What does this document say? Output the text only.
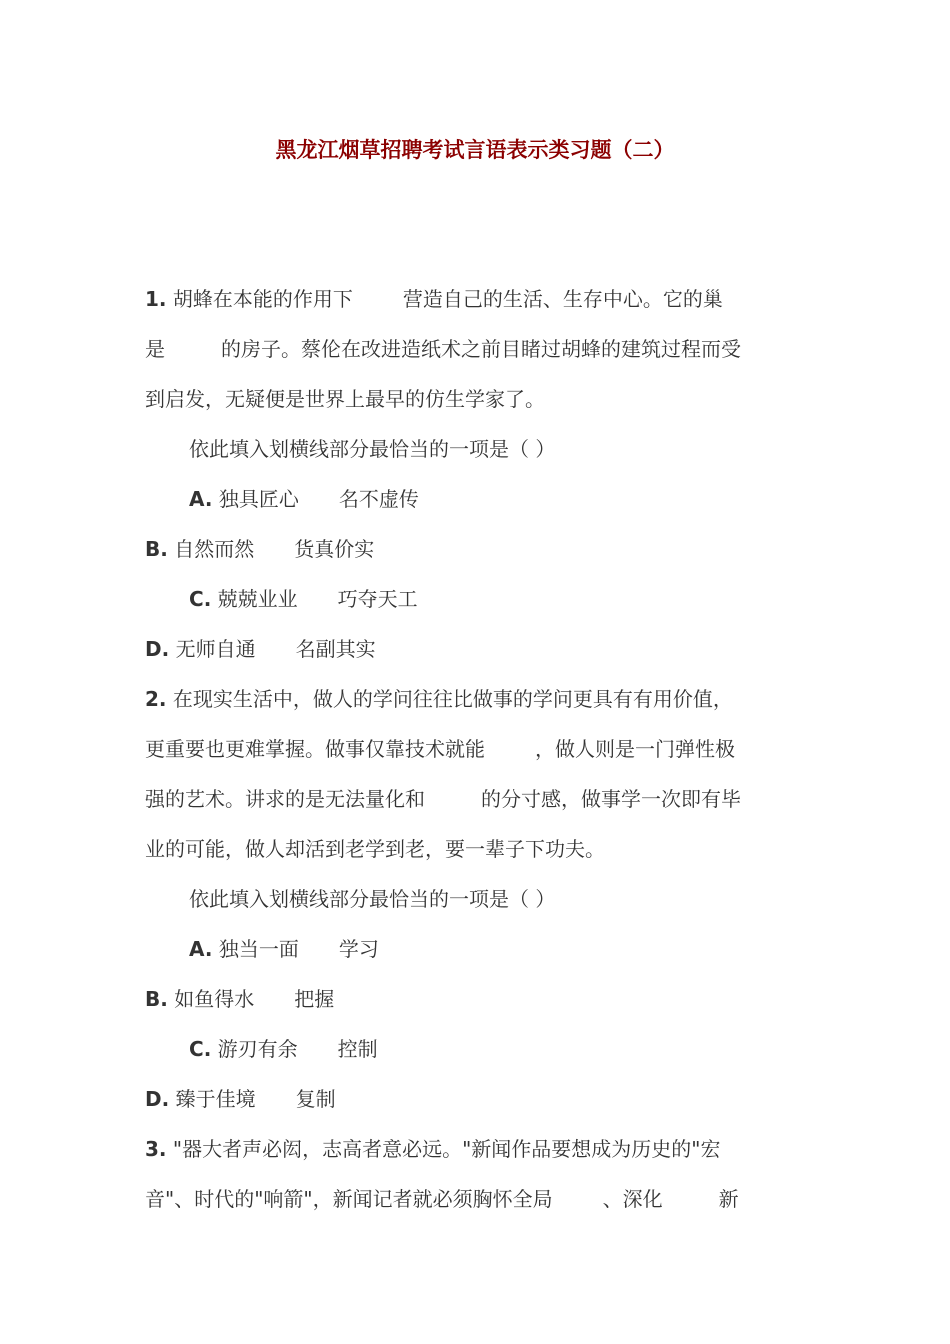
黑龙江烟草招聘考试言语表示类习题（二）
1. 胡蜂在本能的作用下	营造自己的生活、生存中心。它的巢
是	的房子。蔡伦在改进造纸术之前目睹过胡蜂的建筑过程而受
到启发，无疑便是世界上最早的仿生学家了。
依此填入划横线部分最恰当的一项是（ ）
A. 独具匠心 名不虚传
B. 自然而然 货真价实
C. 兢兢业业 巧夺天工
D. 无师自通 名副其实
2. 在现实生活中，做人的学问往往比做事的学问更具有有用价值，
更重要也更难掌握。做事仅靠技术就能	，做人则是一门弹性极
强的艺术。讲求的是无法量化和	的分寸感，做事学一次即有毕
业的可能，做人却活到老学到老，要一辈子下功夫。
依此填入划横线部分最恰当的一项是（ ）
A. 独当一面 学习
B. 如鱼得水 把握
C. 游刃有余 控制
D. 臻于佳境 复制
3. "器大者声必闳，志高者意必远。"新闻作品要想成为历史的"宏
音"、时代的"响箭"，新闻记者就必须胸怀全局	、深化	新
